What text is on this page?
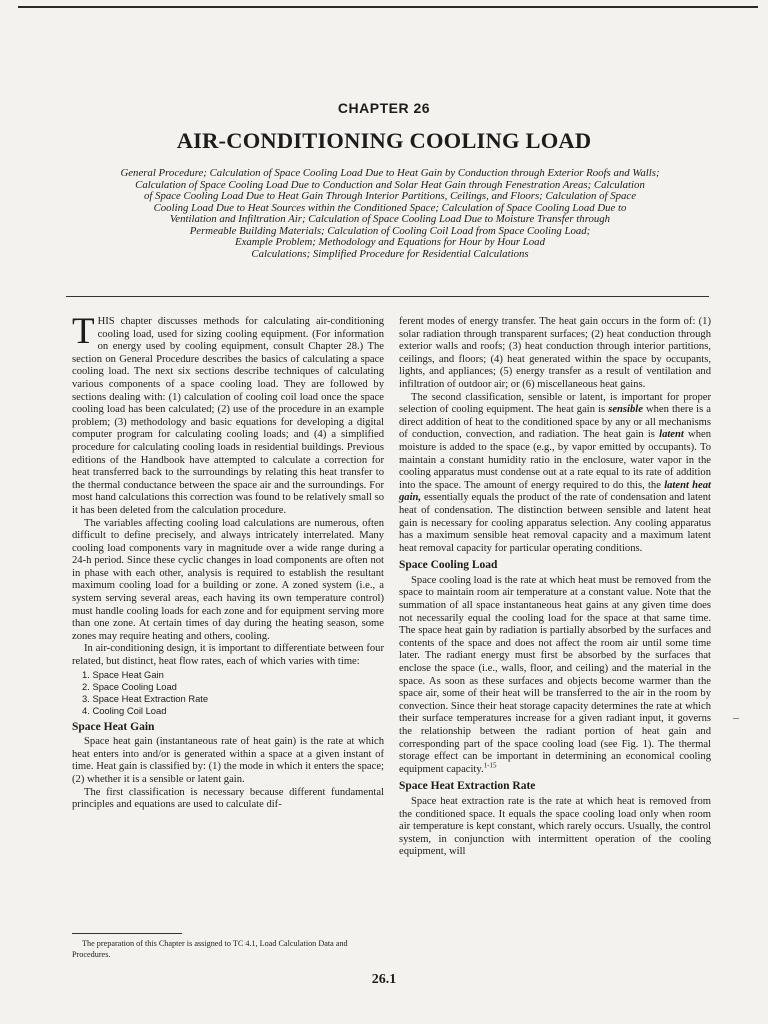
CHAPTER 26
AIR-CONDITIONING COOLING LOAD
General Procedure; Calculation of Space Cooling Load Due to Heat Gain by Conduction through Exterior Roofs and Walls;
Calculation of Space Cooling Load Due to Conduction and Solar Heat Gain through Fenestration Areas; Calculation
of Space Cooling Load Due to Heat Gain Through Interior Partitions, Ceilings, and Floors; Calculation of Space
Cooling Load Due to Heat Sources within the Conditioned Space; Calculation of Space Cooling Load Due to
Ventilation and Infiltration Air; Calculation of Space Cooling Load Due to Moisture Transfer through
Permeable Building Materials; Calculation of Cooling Coil Load from Space Cooling Load;
Example Problem; Methodology and Equations for Hour by Hour Load
Calculations; Simplified Procedure for Residential Calculations

THIS chapter discusses methods for calculating air-conditioning cooling load, used for sizing cooling equipment. (For information on energy used by cooling equipment, consult Chapter 28.) The section on General Procedure describes the basics of calculating a space cooling load. The next six sections describe techniques of calculating various components of a space cooling load. They are followed by sections dealing with: (1) calculation of cooling coil load once the space cooling load has been calculated; (2) use of the procedure in an example problem; (3) methodology and basic equations for developing a digital computer program for calculating cooling loads; and (4) a simplified procedure for calculating cooling loads in residential buildings. Previous editions of the Handbook have attempted to calculate a correction for heat transferred back to the surroundings by relating this heat transfer to the thermal conductance between the space air and the surroundings. For most hand calculations this correction was found to be relatively small so it has been deleted from the calculation procedure.

The variables affecting cooling load calculations are numerous, often difficult to define precisely, and always intricately interrelated. Many cooling load components vary in magnitude over a wide range during a 24-h period. Since these cyclic changes in load components are often not in phase with each other, analysis is required to establish the resultant maximum cooling load for a building or zone. A zoned system (i.e., a system serving several areas, each having its own temperature control) must handle cooling loads for each zone and for equipment serving more than one zone. At certain times of day during the heating season, some zones may require heating and others, cooling.

In air-conditioning design, it is important to differentiate between four related, but distinct, heat flow rates, each of which varies with time:

1. Space Heat Gain
2. Space Cooling Load
3. Space Heat Extraction Rate
4. Cooling Coil Load
Space Heat Gain

Space heat gain (instantaneous rate of heat gain) is the rate at which heat enters into and/or is generated within a space at a given instant of time. Heat gain is classified by: (1) the mode in which it enters the space; (2) whether it is a sensible or latent gain.

The first classification is necessary because different fundamental principles and equations are used to calculate dif-

ferent modes of energy transfer. The heat gain occurs in the form of: (1) solar radiation through transparent surfaces; (2) heat conduction through exterior walls and roofs; (3) heat conduction through interior partitions, ceilings, and floors; (4) heat generated within the space by occupants, lights, and appliances; (5) energy transfer as a result of ventilation and infiltration of outdoor air; or (6) miscellaneous heat gains.

The second classification, sensible or latent, is important for proper selection of cooling equipment. The heat gain is sensible when there is a direct addition of heat to the conditioned space by any or all mechanisms of conduction, convection, and radiation. The heat gain is latent when moisture is added to the space (e.g., by vapor emitted by occupants). To maintain a constant humidity ratio in the enclosure, water vapor in the cooling apparatus must condense out at a rate equal to its rate of addition into the space. The amount of energy required to do this, the latent heat gain, essentially equals the product of the rate of condensation and latent heat of condensation. The distinction between sensible and latent heat gain is necessary for cooling apparatus selection. Any cooling apparatus has a maximum sensible heat removal capacity and a maximum latent heat removal capacity for particular operating conditions.

Space Cooling Load

Space cooling load is the rate at which heat must be removed from the space to maintain room air temperature at a constant value. Note that the summation of all space instantaneous heat gains at any given time does not necessarily equal the cooling load for the space at that same time. The space heat gain by radiation is partially absorbed by the surfaces and contents of the space and does not affect the room air until some time later. The radiant energy must first be absorbed by the surfaces that enclose the space (i.e., walls, floor, and ceiling) and the material in the space. As soon as these surfaces and objects become warmer than the space air, some of their heat will be transferred to the air in the room by convection. Since their heat storage capacity determines the rate at which their surface temperatures increase for a given radiant input, it governs the relationship between the radiant portion of heat gain and corresponding part of the space cooling load (see Fig. 1). The thermal storage effect can be important in determining an economical cooling equipment capacity.$^{1-15}$

Space Heat Extraction Rate

Space heat extraction rate is the rate at which heat is removed from the conditioned space. It equals the space cooling load only when room air temperature is kept constant, which rarely occurs. Usually, the control system, in conjunction with intermittent operation of the cooling equipment, will

The preparation of this Chapter is assigned to TC 4.1, Load Calculation Data and Procedures.
–
26.1
